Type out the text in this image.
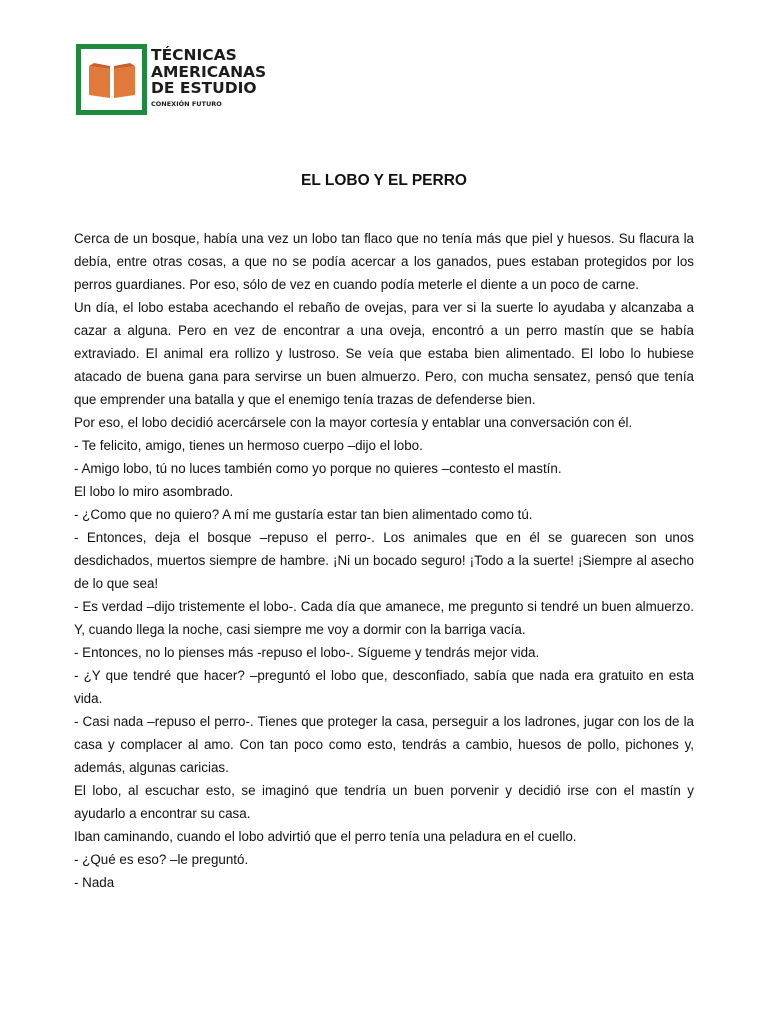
TÉCNICAS
AMERICANAS
DE ESTUDIO
CONEXIÓN FUTURO
EL LOBO Y EL PERRO

Cerca de un bosque, había una vez un lobo tan flaco que no tenía más que piel y huesos. Su flacura la debía, entre otras cosas, a que no se podía acercar a los ganados, pues estaban protegidos por los perros guardianes. Por eso, sólo de vez en cuando podía meterle el diente a un poco de carne.

Un día, el lobo estaba acechando el rebaño de ovejas, para ver si la suerte lo ayudaba y alcanzaba a cazar a alguna. Pero en vez de encontrar a una oveja, encontró a un perro mastín que se había extraviado. El animal era rollizo y lustroso. Se veía que estaba bien alimentado. El lobo lo hubiese atacado de buena gana para servirse un buen almuerzo. Pero, con mucha sensatez, pensó que tenía que emprender una batalla y que el enemigo tenía trazas de defenderse bien.

Por eso, el lobo decidió acercársele con la mayor cortesía y entablar una conversación con él.

- Te felicito, amigo, tienes un hermoso cuerpo –dijo el lobo.

- Amigo lobo, tú no luces también como yo porque no quieres –contesto el mastín.

El lobo lo miro asombrado.

- ¿Como que no quiero? A mí me gustaría estar tan bien alimentado como tú.

- Entonces, deja el bosque –repuso el perro-. Los animales que en él se guarecen son unos desdichados, muertos siempre de hambre. ¡Ni un bocado seguro! ¡Todo a la suerte! ¡Siempre al asecho de lo que sea!

- Es verdad –dijo tristemente el lobo-. Cada día que amanece, me pregunto si tendré un buen almuerzo. Y, cuando llega la noche, casi siempre me voy a dormir con la barriga vacía.

- Entonces, no lo pienses más -repuso el lobo-. Sígueme y tendrás mejor vida.

- ¿Y que tendré que hacer? –preguntó el lobo que, desconfiado, sabía que nada era gratuito en esta vida.

- Casi nada –repuso el perro-. Tienes que proteger la casa, perseguir a los ladrones, jugar con los de la casa y complacer al amo. Con tan poco como esto, tendrás a cambio, huesos de pollo, pichones y, además, algunas caricias.

El lobo, al escuchar esto, se imaginó que tendría un buen porvenir y decidió irse con el mastín y ayudarlo a encontrar su casa.

Iban caminando, cuando el lobo advirtió que el perro tenía una peladura en el cuello.

- ¿Qué es eso? –le preguntó.

- Nada
